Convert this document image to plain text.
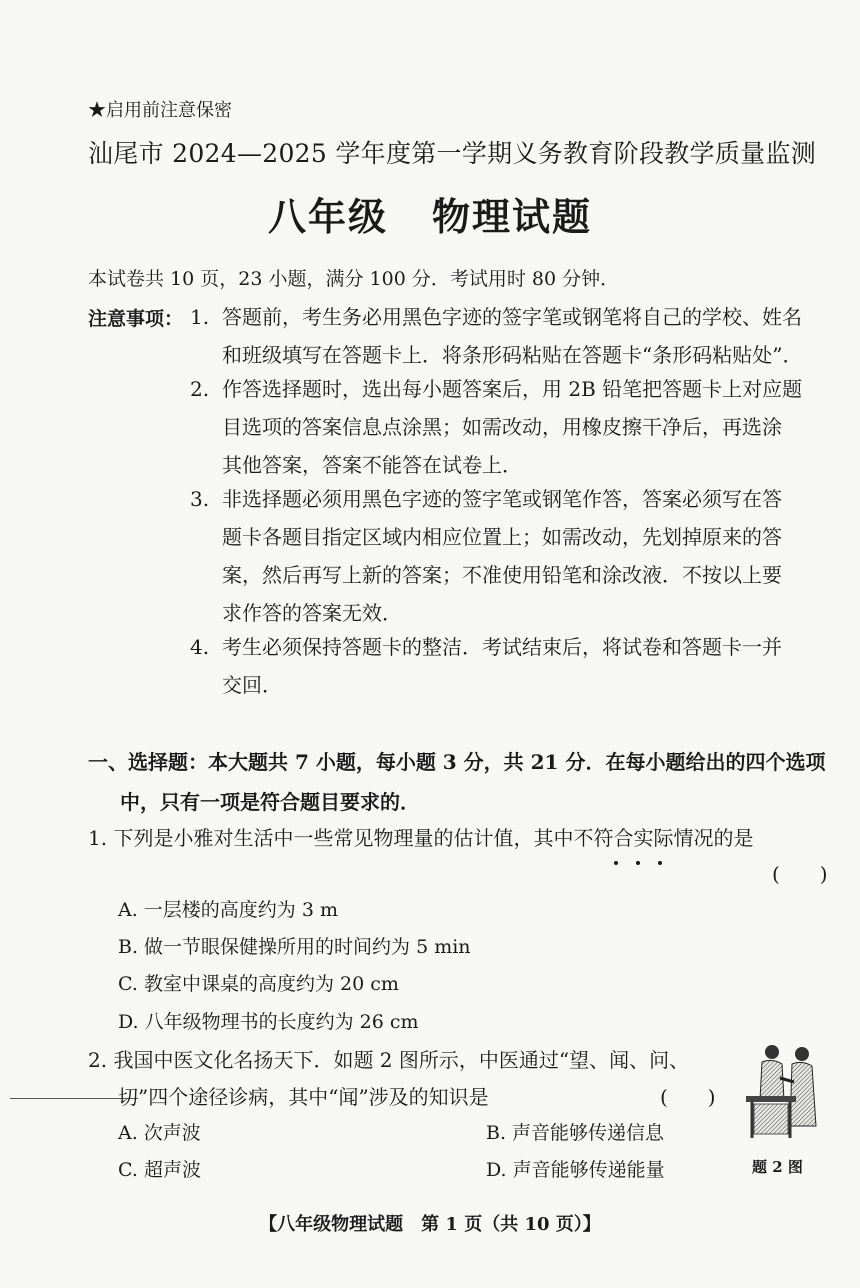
★启用前注意保密
汕尾市 2024—2025 学年度第一学期义务教育阶段教学质量监测
八年级 物理试题
本试卷共 10 页，23 小题，满分 100 分．考试用时 80 分钟．
注意事项： 1. 答题前，考生务必用黑色字迹的签字笔或钢笔将自己的学校、姓名
和班级填写在答题卡上．将条形码粘贴在答题卡“条形码粘贴处”．
2. 作答选择题时，选出每小题答案后，用 2B 铅笔把答题卡上对应题
目选项的答案信息点涂黑；如需改动，用橡皮擦干净后，再选涂
其他答案，答案不能答在试卷上．
3. 非选择题必须用黑色字迹的签字笔或钢笔作答，答案必须写在答
题卡各题目指定区域内相应位置上；如需改动，先划掉原来的答
案，然后再写上新的答案；不准使用铅笔和涂改液．不按以上要
求作答的答案无效．
4. 考生必须保持答题卡的整洁．考试结束后，将试卷和答题卡一并
交回．
一、选择题：本大题共 7 小题，每小题 3 分，共 21 分．在每小题给出的四个选项
中，只有一项是符合题目要求的．
1. 下列是小雅对生活中一些常见物理量的估计值，其中不符合实际情况的是
(　　)
A. 一层楼的高度约为 3 m
B. 做一节眼保健操所用的时间约为 5 min
C. 教室中课桌的高度约为 20 cm
D. 八年级物理书的长度约为 26 cm
2. 我国中医文化名扬天下．如题 2 图所示，中医通过“望、闻、问、
切”四个途径诊病，其中“闻”涉及的知识是	(　　)
A. 次声波	B. 声音能够传递信息
C. 超声波	D. 声音能够传递能量	题 2 图
【八年级物理试题　第 1 页（共 10 页）】
